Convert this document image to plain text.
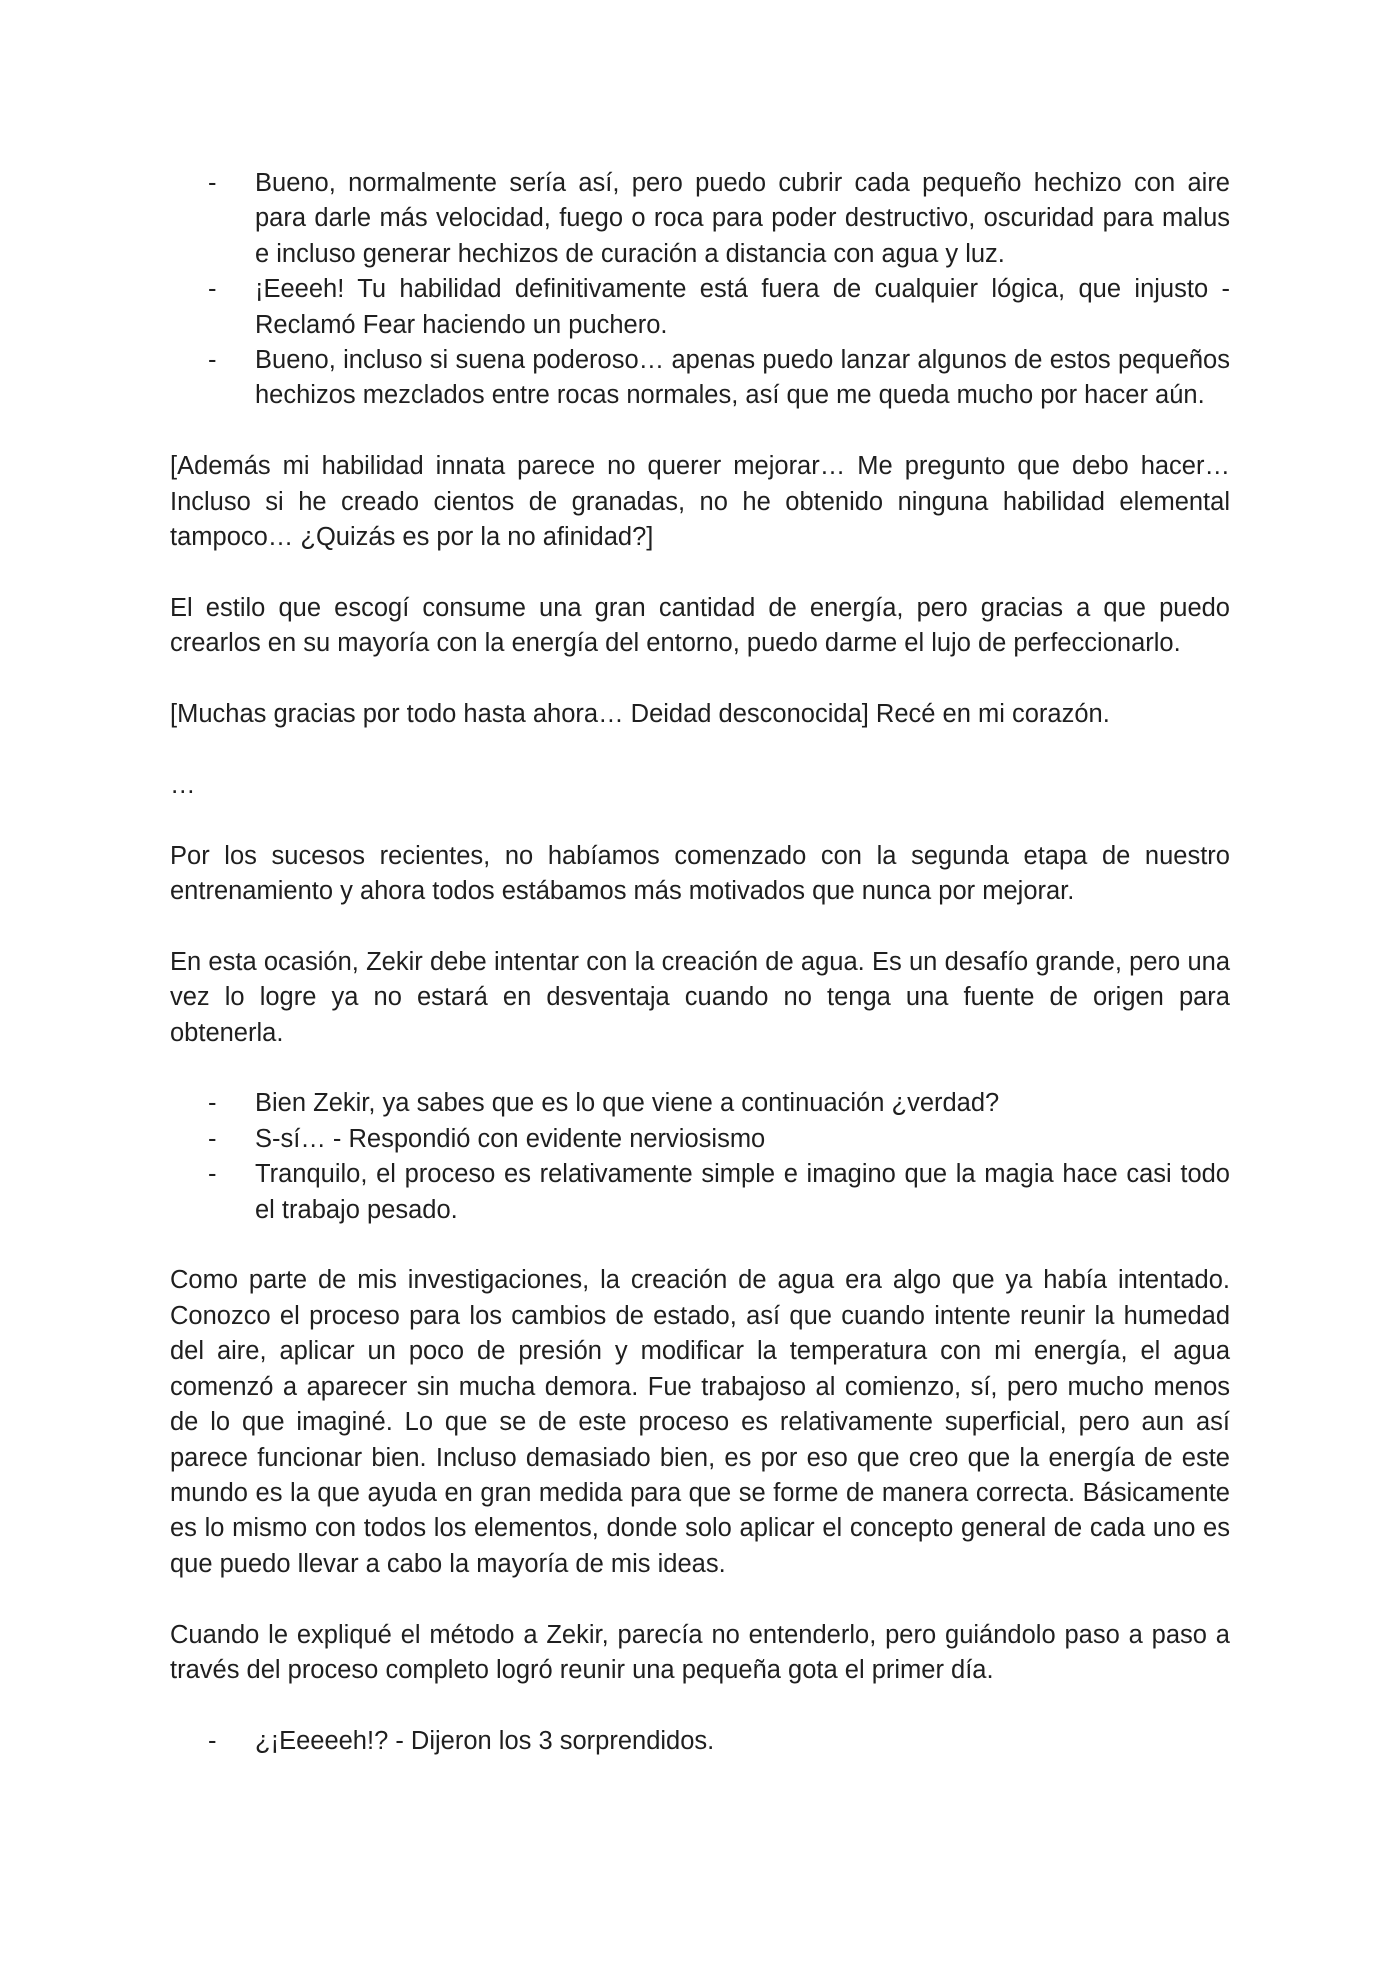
- Bueno, normalmente sería así, pero puedo cubrir cada pequeño hechizo con aire para darle más velocidad, fuego o roca para poder destructivo, oscuridad para malus e incluso generar hechizos de curación a distancia con agua y luz.
- ¡Eeeeh! Tu habilidad definitivamente está fuera de cualquier lógica, que injusto - Reclamó Fear haciendo un puchero.
- Bueno, incluso si suena poderoso… apenas puedo lanzar algunos de estos pequeños hechizos mezclados entre rocas normales, así que me queda mucho por hacer aún.

[Además mi habilidad innata parece no querer mejorar… Me pregunto que debo hacer… Incluso si he creado cientos de granadas, no he obtenido ninguna habilidad elemental tampoco… ¿Quizás es por la no afinidad?]

El estilo que escogí consume una gran cantidad de energía, pero gracias a que puedo crearlos en su mayoría con la energía del entorno, puedo darme el lujo de perfeccionarlo.

[Muchas gracias por todo hasta ahora… Deidad desconocida] Recé en mi corazón.

…

Por los sucesos recientes, no habíamos comenzado con la segunda etapa de nuestro entrenamiento y ahora todos estábamos más motivados que nunca por mejorar.

En esta ocasión, Zekir debe intentar con la creación de agua. Es un desafío grande, pero una vez lo logre ya no estará en desventaja cuando no tenga una fuente de origen para obtenerla.

- Bien Zekir, ya sabes que es lo que viene a continuación ¿verdad?
- S-sí… - Respondió con evidente nerviosismo
- Tranquilo, el proceso es relativamente simple e imagino que la magia hace casi todo el trabajo pesado.

Como parte de mis investigaciones, la creación de agua era algo que ya había intentado. Conozco el proceso para los cambios de estado, así que cuando intente reunir la humedad del aire, aplicar un poco de presión y modificar la temperatura con mi energía, el agua comenzó a aparecer sin mucha demora. Fue trabajoso al comienzo, sí, pero mucho menos de lo que imaginé. Lo que se de este proceso es relativamente superficial, pero aun así parece funcionar bien. Incluso demasiado bien, es por eso que creo que la energía de este mundo es la que ayuda en gran medida para que se forme de manera correcta. Básicamente es lo mismo con todos los elementos, donde solo aplicar el concepto general de cada uno es que puedo llevar a cabo la mayoría de mis ideas.

Cuando le expliqué el método a Zekir, parecía no entenderlo, pero guiándolo paso a paso a través del proceso completo logró reunir una pequeña gota el primer día.

- ¿¡Eeeeeh!? - Dijeron los 3 sorprendidos.
